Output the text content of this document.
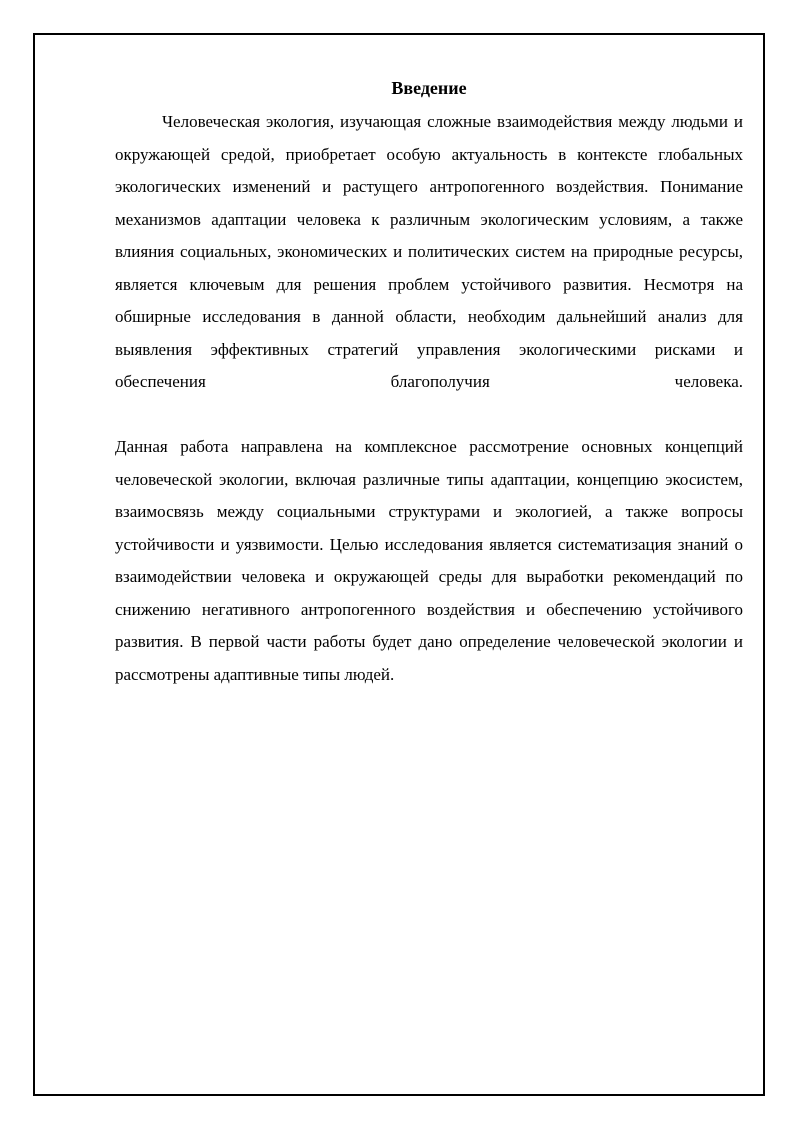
Введение

Человеческая экология, изучающая сложные взаимодействия между людьми и окружающей средой, приобретает особую актуальность в контексте глобальных экологических изменений и растущего антропогенного воздействия. Понимание механизмов адаптации человека к различным экологическим условиям, а также влияния социальных, экономических и политических систем на природные ресурсы, является ключевым для решения проблем устойчивого развития. Несмотря на обширные исследования в данной области, необходим дальнейший анализ для выявления эффективных стратегий управления экологическими рисками и обеспечения благополучия человека.

Данная работа направлена на комплексное рассмотрение основных концепций человеческой экологии, включая различные типы адаптации, концепцию экосистем, взаимосвязь между социальными структурами и экологией, а также вопросы устойчивости и уязвимости. Целью исследования является систематизация знаний о взаимодействии человека и окружающей среды для выработки рекомендаций по снижению негативного антропогенного воздействия и обеспечению устойчивого развития. В первой части работы будет дано определение человеческой экологии и рассмотрены адаптивные типы людей.
